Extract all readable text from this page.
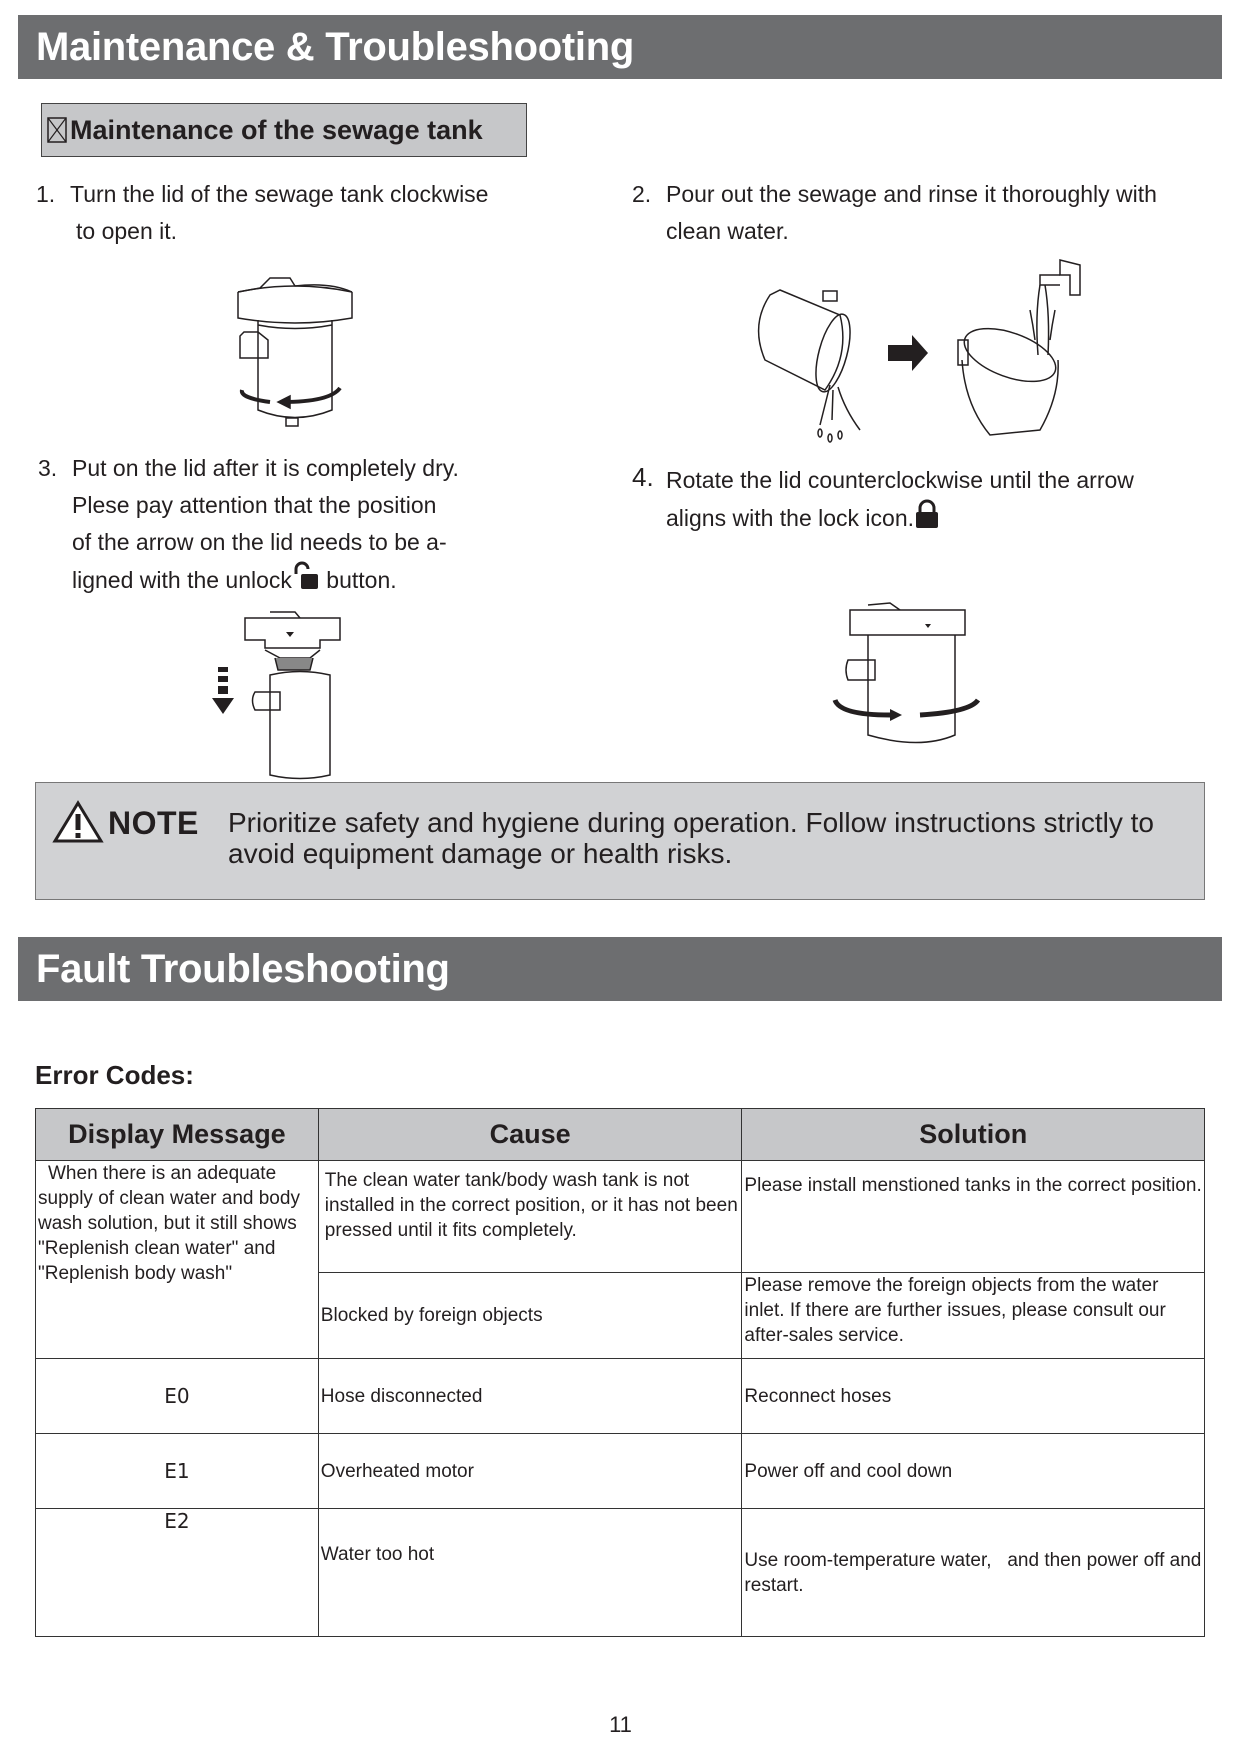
Maintenance & Troubleshooting
Maintenance of the sewage tank
1. Turn the lid of the sewage tank clockwise
to open it.
2. Pour out the sewage and rinse it thoroughly with
clean water.
3. Put on the lid after it is completely dry.
Plese pay attention that the position
of the arrow on the lid needs to be a-
ligned with the unlock button.
4. Rotate the lid counterclockwise until the arrow
aligns with the lock icon.
NOTE Prioritize safety and hygiene during operation. Follow instructions strictly to avoid equipment damage or health risks.
Fault Troubleshooting
Error Codes:
Display Message	Cause	Solution

When there is an adequate supply of clean water and body wash solution, but it still shows "Replenish clean water" and "Replenish body wash"	The clean water tank/body wash tank is not installed in the correct position, or it has not been pressed until it fits completely.	Please install menstioned tanks in the correct position.
	Blocked by foreign objects	Please remove the foreign objects from the water inlet. If there are further issues, please consult our after-sales service.
E0	Hose disconnected	Reconnect hoses
E1	Overheated motor	Power off and cool down
E2	Water too hot	Use room-temperature water,   and then power off and restart.
11
